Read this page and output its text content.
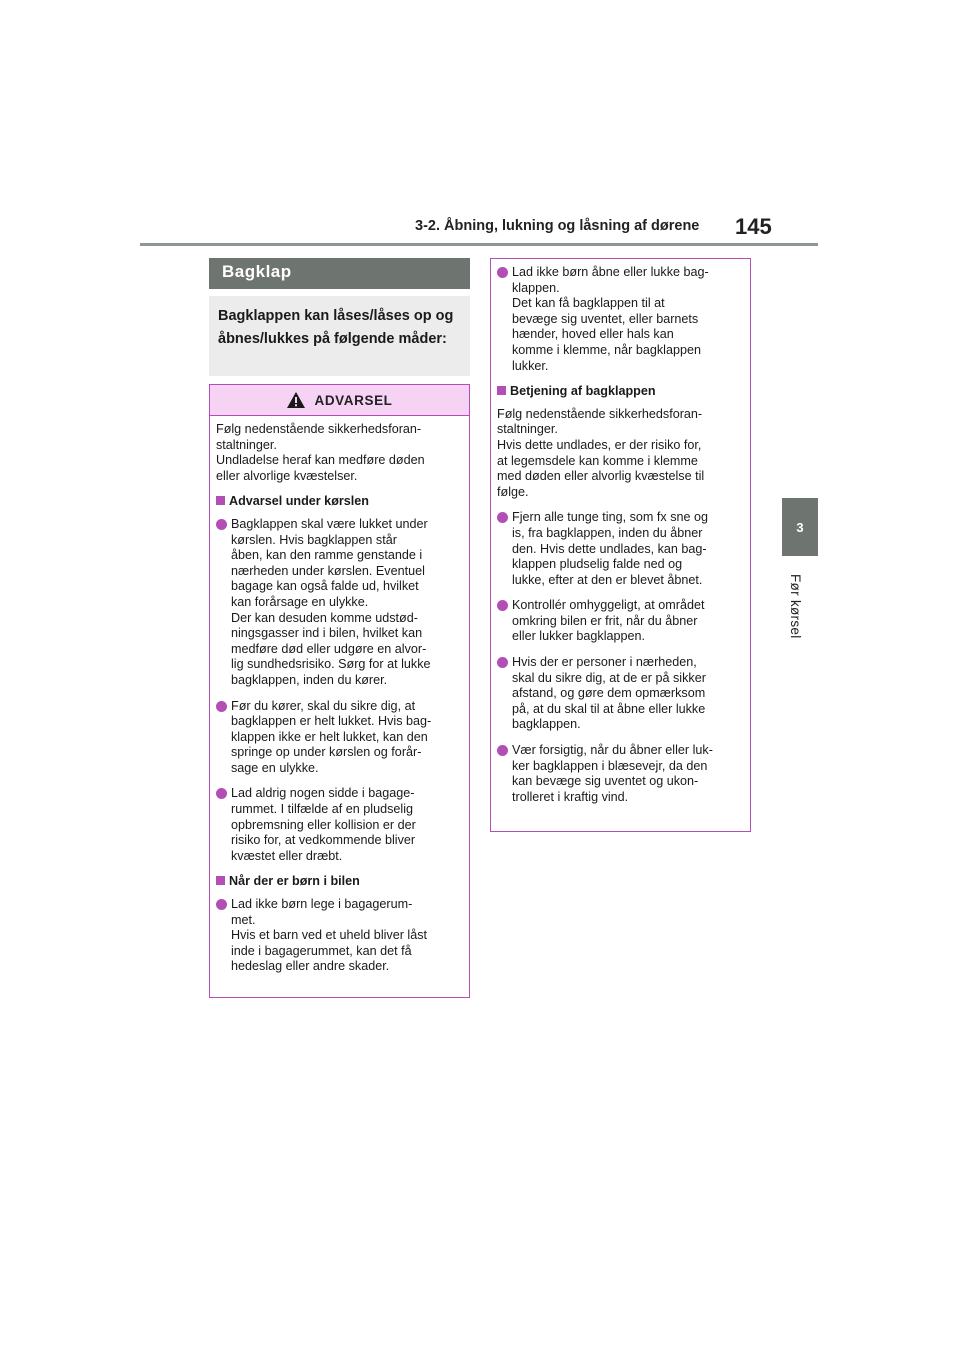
3-2. Åbning, lukning og låsning af dørene 145
3
Før kørsel
Bagklap
Bagklappen kan låses/låses op og åbnes/lukkes på følgende måder:
ADVARSEL

Følg nedenstående sikkerhedsforan-
staltninger.
Undladelse heraf kan medføre døden
eller alvorlige kvæstelser.

Advarsel under kørslen
Bagklappen skal være lukket under
kørslen. Hvis bagklappen står
åben, kan den ramme genstande i
nærheden under kørslen. Eventuel
bagage kan også falde ud, hvilket
kan forårsage en ulykke.
Der kan desuden komme udstød-
ningsgasser ind i bilen, hvilket kan
medføre død eller udgøre en alvor-
lig sundhedsrisiko. Sørg for at lukke
bagklappen, inden du kører.
Før du kører, skal du sikre dig, at
bagklappen er helt lukket. Hvis bag-
klappen ikke er helt lukket, kan den
springe op under kørslen og forår-
sage en ulykke.
Lad aldrig nogen sidde i bagage-
rummet. I tilfælde af en pludselig
opbremsning eller kollision er der
risiko for, at vedkommende bliver
kvæstet eller dræbt.
Når der er børn i bilen
Lad ikke børn lege i bagagerum-
met.
Hvis et barn ved et uheld bliver låst
inde i bagagerummet, kan det få
hedeslag eller andre skader.
Lad ikke børn åbne eller lukke bag-
klappen.
Det kan få bagklappen til at
bevæge sig uventet, eller barnets
hænder, hoved eller hals kan
komme i klemme, når bagklappen
lukker.
Betjening af bagklappen

Følg nedenstående sikkerhedsforan-
staltninger.
Hvis dette undlades, er der risiko for,
at legemsdele kan komme i klemme
med døden eller alvorlig kvæstelse til
følge.

Fjern alle tunge ting, som fx sne og
is, fra bagklappen, inden du åbner
den. Hvis dette undlades, kan bag-
klappen pludselig falde ned og
lukke, efter at den er blevet åbnet.
Kontrollér omhyggeligt, at området
omkring bilen er frit, når du åbner
eller lukker bagklappen.
Hvis der er personer i nærheden,
skal du sikre dig, at de er på sikker
afstand, og gøre dem opmærksom
på, at du skal til at åbne eller lukke
bagklappen.
Vær forsigtig, når du åbner eller luk-
ker bagklappen i blæsevejr, da den
kan bevæge sig uventet og ukon-
trolleret i kraftig vind.
